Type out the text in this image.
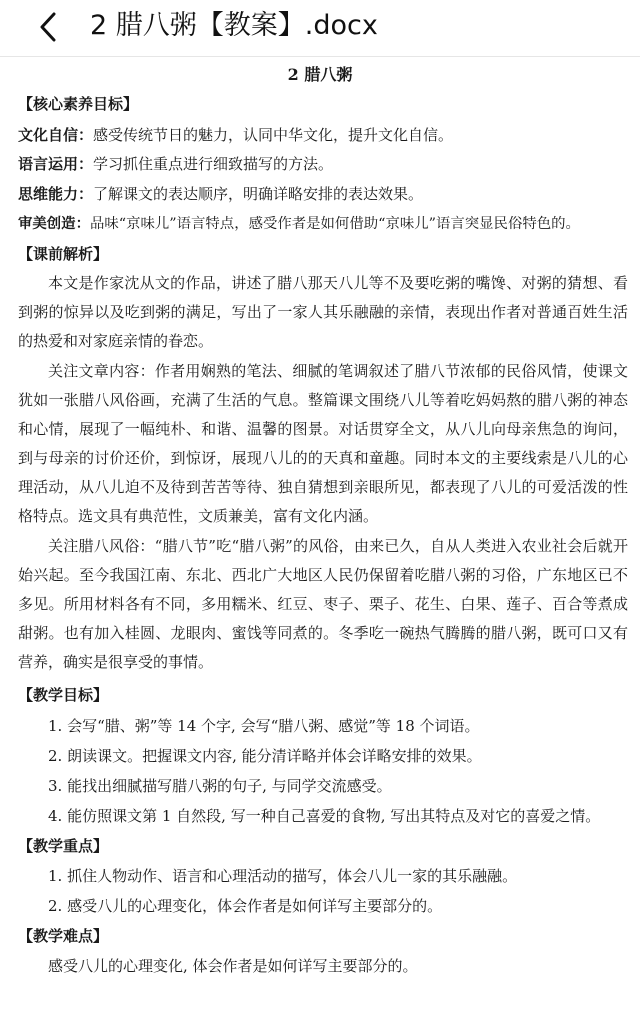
2 腊八粥【教案】.docx
2 腊八粥
【核心素养目标】
文化自信：感受传统节日的魅力，认同中华文化，提升文化自信。
语言运用：学习抓住重点进行细致描写的方法。
思维能力：了解课文的表达顺序，明确详略安排的表达效果。
审美创造：品味“京味儿”语言特点，感受作者是如何借助“京味儿”语言突显民俗特色的。
【课前解析】
本文是作家沈从文的作品，讲述了腊八那天八儿等不及要吃粥的嘴馋、对粥的猜想、看到粥的惊异以及吃到粥的满足，写出了一家人其乐融融的亲情，表现出作者对普通百姓生活的热爱和对家庭亲情的眷恋。
关注文章内容：作者用娴熟的笔法、细腻的笔调叙述了腊八节浓郁的民俗风情，使课文犹如一张腊八风俗画，充满了生活的气息。整篇课文围绕八儿等着吃妈妈熬的腊八粥的神态和心情，展现了一幅纯朴、和谐、温馨的图景。对话贯穿全文，从八儿向母亲焦急的询问，到与母亲的讨价还价，到惊讶，展现八儿的的天真和童趣。同时本文的主要线索是八儿的心理活动，从八儿迫不及待到苦苦等待、独自猜想到亲眼所见，都表现了八儿的可爱活泼的性格特点。选文具有典范性，文质兼美，富有文化内涵。
关注腊八风俗：“腊八节”吃“腊八粥”的风俗，由来已久，自从人类进入农业社会后就开始兴起。至今我国江南、东北、西北广大地区人民仍保留着吃腊八粥的习俗，广东地区已不多见。所用材料各有不同，多用糯米、红豆、枣子、栗子、花生、白果、莲子、百合等煮成甜粥。也有加入桂圆、龙眼肉、蜜饯等同煮的。冬季吃一碗热气腾腾的腊八粥，既可口又有营养，确实是很享受的事情。
【教学目标】
1. 会写“腊、粥”等 14 个字, 会写“腊八粥、感觉”等 18 个词语。
2. 朗读课文。把握课文内容, 能分清详略并体会详略安排的效果。
3. 能找出细腻描写腊八粥的句子, 与同学交流感受。
4. 能仿照课文第 1 自然段, 写一种自己喜爱的食物, 写出其特点及对它的喜爱之情。
【教学重点】
1. 抓住人物动作、语言和心理活动的描写，体会八儿一家的其乐融融。
2. 感受八儿的心理变化，体会作者是如何详写主要部分的。
【教学难点】
感受八儿的心理变化, 体会作者是如何详写主要部分的。
